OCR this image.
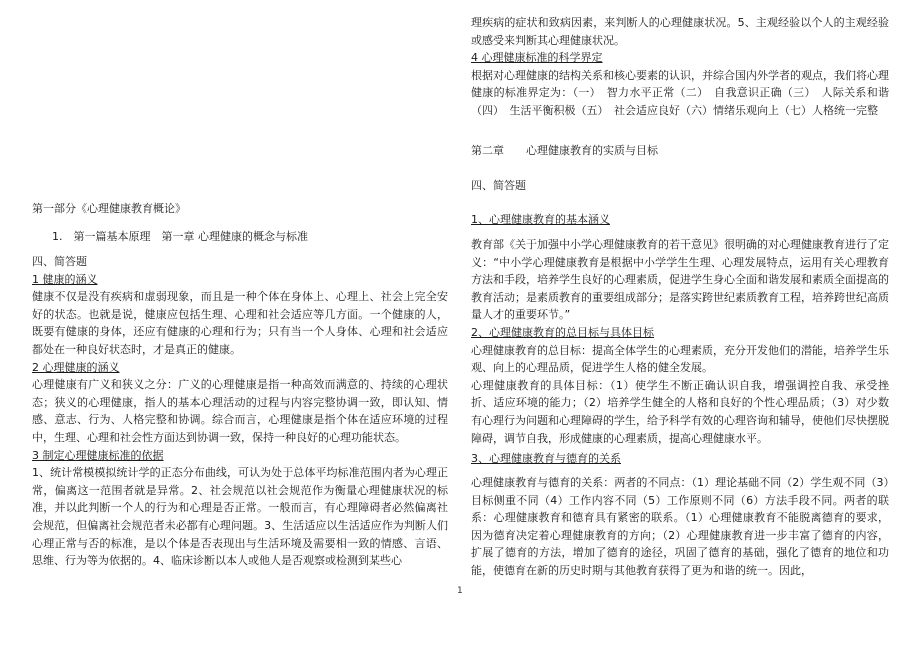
第一部分《心理健康教育概论》
1.　第一篇基本原理　第一章 心理健康的概念与标准

四、简答题

1 健康的涵义

健康不仅是没有疾病和虚弱现象，而且是一种个体在身体上、心理上、社会上完全安好的状态。也就是说，健康应包括生理、心理和社会适应等几方面。一个健康的人，既要有健康的身体，还应有健康的心理和行为；只有当一个人身体、心理和社会适应都处在一种良好状态时，才是真正的健康。

2 心理健康的涵义

心理健康有广义和狭义之分：广义的心理健康是指一种高效而满意的、持续的心理状态；狭义的心理健康，指人的基本心理活动的过程与内容完整协调一致，即认知、情感、意志、行为、人格完整和协调。综合而言，心理健康是指个体在适应环境的过程中，生理、心理和社会性方面达到协调一致，保持一种良好的心理功能状态。

3 制定心理健康标准的依据

1、统计常模模拟统计学的正态分布曲线，可认为处于总体平均标准范围内者为心理正常，偏离这一范围者就是异常。2、社会规范以社会规范作为衡量心理健康状况的标准，并以此判断一个人的行为和心理是否正常。一般而言，有心理障碍者必然偏离社会规范，但偏离社会规范者未必都有心理问题。3、生活适应以生活适应作为判断人们心理正常与否的标准，是以个体是否表现出与生活环境及需要相一致的情感、言语、思维、行为等为依据的。4、临床诊断以本人或他人是否观察或检测到某些心

理疾病的症状和致病因素，来判断人的心理健康状况。5、主观经验以个人的主观经验或感受来判断其心理健康状况。

4 心理健康标准的科学界定

根据对心理健康的结构关系和核心要素的认识，并综合国内外学者的观点，我们将心理健康的标准界定为：（一）　智力水平正常（二）　自我意识正确（三）　人际关系和谐（四）　生活平衡积极（五）　社会适应良好（六）情绪乐观向上（七）人格统一完整

第二章　　心理健康教育的实质与目标
四、简答题
1、心理健康教育的基本涵义

教育部《关于加强中小学心理健康教育的若干意见》很明确的对心理健康教育进行了定义：“中小学心理健康教育是根据中小学学生生理、心理发展特点，运用有关心理教育方法和手段，培养学生良好的心理素质，促进学生身心全面和谐发展和素质全面提高的教育活动；是素质教育的重要组成部分；是落实跨世纪素质教育工程，培养跨世纪高质量人才的重要环节。”

2、心理健康教育的总目标与具体目标

心理健康教育的总目标：提高全体学生的心理素质，充分开发他们的潜能，培养学生乐观、向上的心理品质，促进学生人格的健全发展。
心理健康教育的具体目标：（1）使学生不断正确认识自我，增强调控自我、承受挫折、适应环境的能力；（2）培养学生健全的人格和良好的个性心理品质；（3）对少数有心理行为问题和心理障碍的学生，给予科学有效的心理咨询和辅导，使他们尽快摆脱障碍，调节自我，形成健康的心理素质，提高心理健康水平。

3、心理健康教育与德育的关系

心理健康教育与德育的关系：两者的不同点：（1）理论基础不同（2）学生观不同（3）目标侧重不同（4）工作内容不同（5）工作原则不同（6）方法手段不同。两者的联系：心理健康教育和德育具有紧密的联系。（1）心理健康教育不能脱离德育的要求，因为德育决定着心理健康教育的方向；（2）心理健康教育进一步丰富了德育的内容，扩展了德育的方法，增加了德育的途径，巩固了德育的基础，强化了德育的地位和功能，使德育在新的历史时期与其他教育获得了更为和谐的统一。因此，

1
